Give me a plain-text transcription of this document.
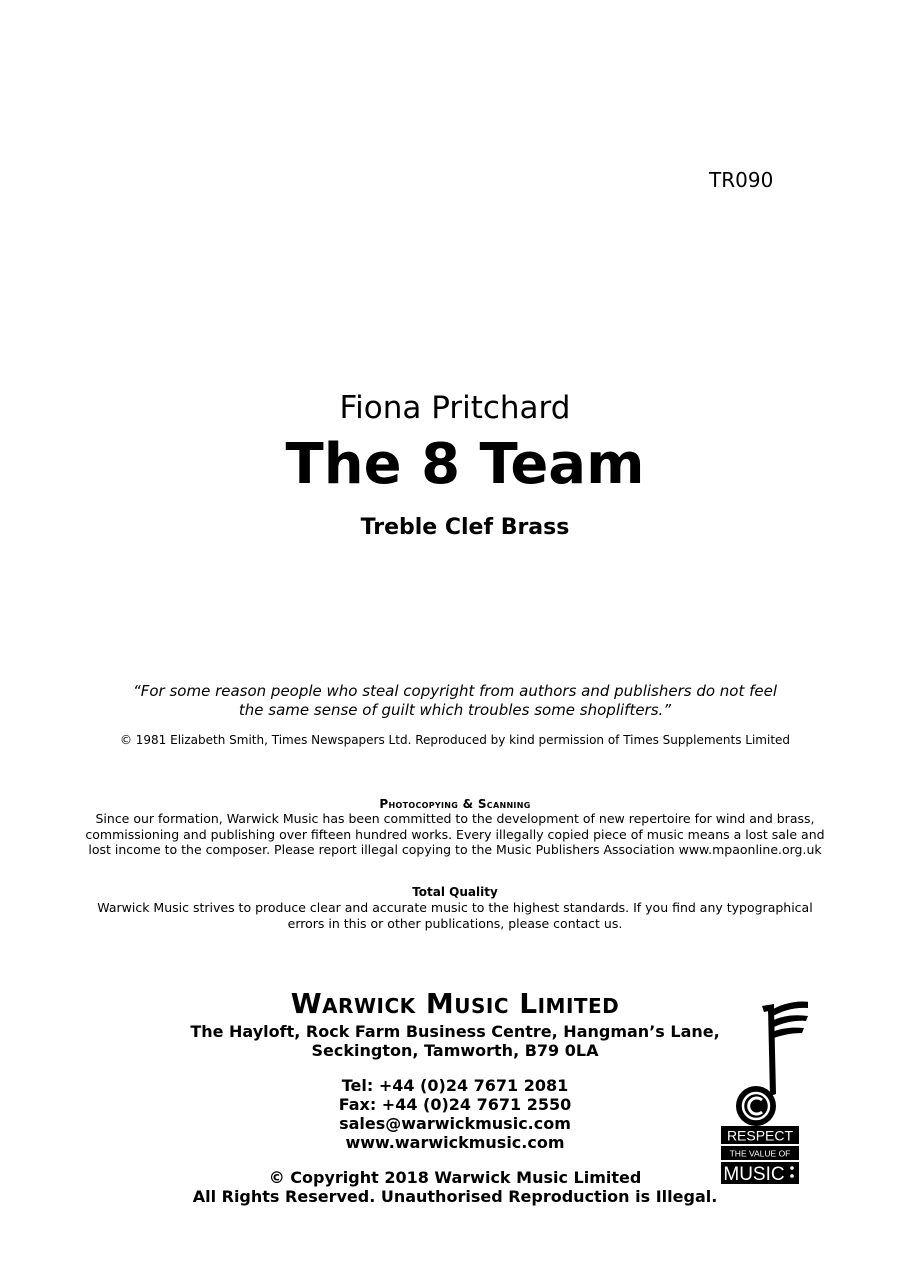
TR090
Fiona Pritchard
The 8 Team
Treble Clef Brass
“For some reason people who steal copyright from authors and publishers do not feel
the same sense of guilt which troubles some shoplifters.”
© 1981 Elizabeth Smith, Times Newspapers Ltd. Reproduced by kind permission of Times Supplements Limited
Photocopying & Scanning
Since our formation, Warwick Music has been committed to the development of new repertoire for wind and brass,
commissioning and publishing over fifteen hundred works. Every illegally copied piece of music means a lost sale and
lost income to the composer. Please report illegal copying to the Music Publishers Association www.mpaonline.org.uk
Total Quality
Warwick Music strives to produce clear and accurate music to the highest standards. If you find any typographical
errors in this or other publications, please contact us.
Warwick Music Limited
The Hayloft, Rock Farm Business Centre, Hangman’s Lane,
Seckington, Tamworth, B79 0LA
Tel: +44 (0)24 7671 2081
Fax: +44 (0)24 7671 2550
sales@warwickmusic.com
www.warwickmusic.com
© Copyright 2018 Warwick Music Limited
All Rights Reserved. Unauthorised Reproduction is Illegal.
RESPECT
THE VALUE OF
MUSIC
